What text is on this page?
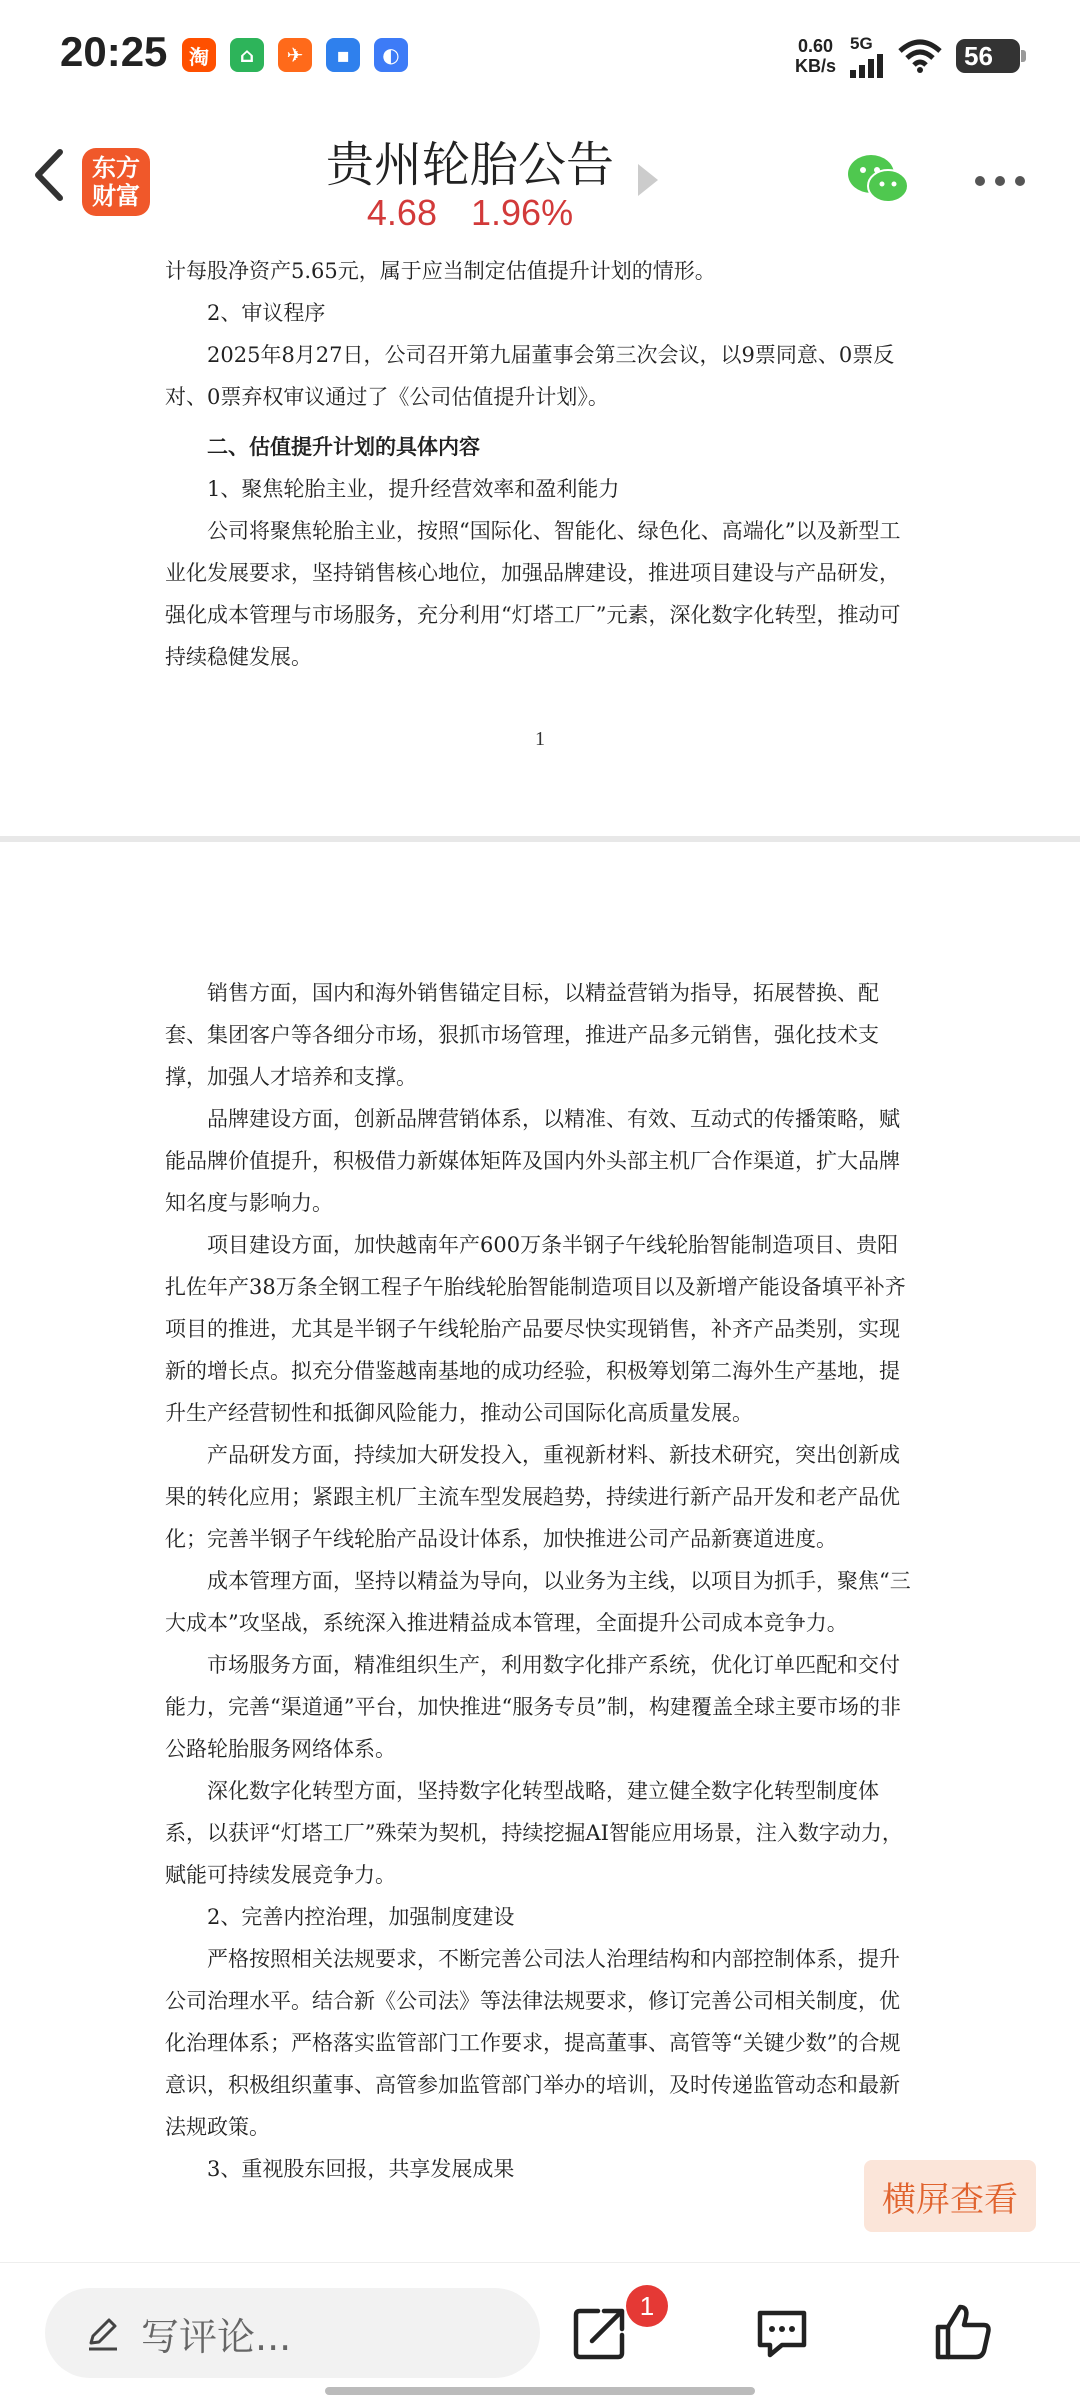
20:25	淘	⌂	✈	▪	◐	0.60
KB/s
5G	56
东方
财富
贵州轮胎公告
4.68 1.96%

计每股净资产5.65元，属于应当制定估值提升计划的情形。

2、审议程序

2025年8月27日，公司召开第九届董事会第三次会议，以9票同意、0票反对、0票弃权审议通过了《公司估值提升计划》。

二、估值提升计划的具体内容

1、聚焦轮胎主业，提升经营效率和盈利能力

公司将聚焦轮胎主业，按照“国际化、智能化、绿色化、高端化”以及新型工业化发展要求，坚持销售核心地位，加强品牌建设，推进项目建设与产品研发，强化成本管理与市场服务，充分利用“灯塔工厂”元素，深化数字化转型，推动可持续稳健发展。

1

销售方面，国内和海外销售锚定目标，以精益营销为指导，拓展替换、配套、集团客户等各细分市场，狠抓市场管理，推进产品多元销售，强化技术支撑，加强人才培养和支撑。

品牌建设方面，创新品牌营销体系，以精准、有效、互动式的传播策略，赋能品牌价值提升，积极借力新媒体矩阵及国内外头部主机厂合作渠道，扩大品牌知名度与影响力。

项目建设方面，加快越南年产600万条半钢子午线轮胎智能制造项目、贵阳扎佐年产38万条全钢工程子午胎线轮胎智能制造项目以及新增产能设备填平补齐项目的推进，尤其是半钢子午线轮胎产品要尽快实现销售，补齐产品类别，实现新的增长点。拟充分借鉴越南基地的成功经验，积极筹划第二海外生产基地，提升生产经营韧性和抵御风险能力，推动公司国际化高质量发展。

产品研发方面，持续加大研发投入，重视新材料、新技术研究，突出创新成果的转化应用；紧跟主机厂主流车型发展趋势，持续进行新产品开发和老产品优化；完善半钢子午线轮胎产品设计体系，加快推进公司产品新赛道进度。

成本管理方面，坚持以精益为导向，以业务为主线，以项目为抓手，聚焦“三大成本”攻坚战，系统深入推进精益成本管理，全面提升公司成本竞争力。

市场服务方面，精准组织生产，利用数字化排产系统，优化订单匹配和交付能力，完善“渠道通”平台，加快推进“服务专员”制，构建覆盖全球主要市场的非公路轮胎服务网络体系。

深化数字化转型方面，坚持数字化转型战略，建立健全数字化转型制度体系，以获评“灯塔工厂”殊荣为契机，持续挖掘AI智能应用场景，注入数字动力，赋能可持续发展竞争力。

2、完善内控治理，加强制度建设

严格按照相关法规要求，不断完善公司法人治理结构和内部控制体系，提升公司治理水平。结合新《公司法》等法律法规要求，修订完善公司相关制度，优化治理体系；严格落实监管部门工作要求，提高董事、高管等“关键少数”的合规意识，积极组织董事、高管参加监管部门举办的培训，及时传递监管动态和最新法规政策。

3、重视股东回报，共享发展成果

横屏查看
写评论...
1
